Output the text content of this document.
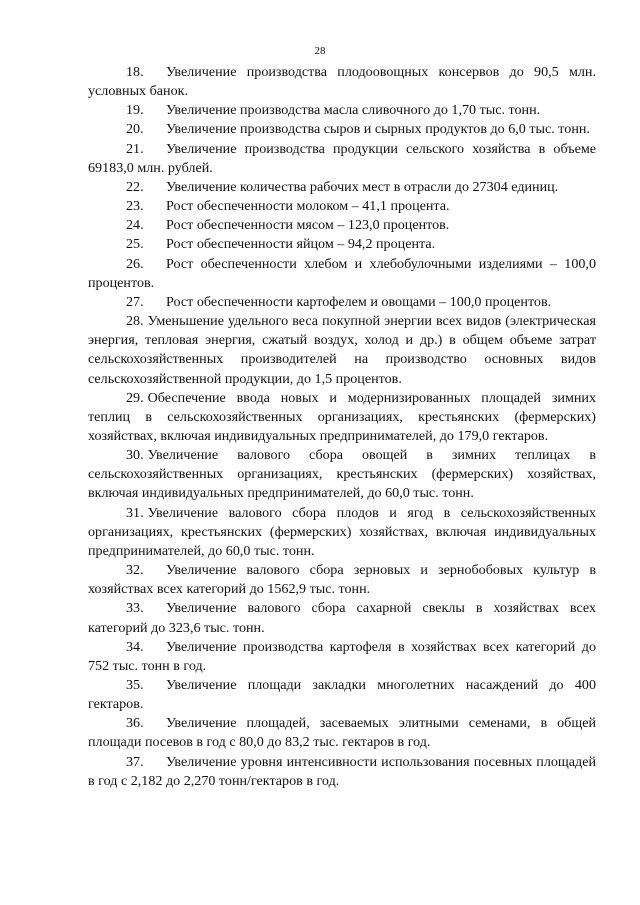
28

18. Увеличение производства плодоовощных консервов до 90,5 млн. условных банок.

19. Увеличение производства масла сливочного до 1,70 тыс. тонн.

20. Увеличение производства сыров и сырных продуктов до 6,0 тыс. тонн.

21. Увеличение производства продукции сельского хозяйства в объеме 69183,0 млн. рублей.

22. Увеличение количества рабочих мест в отрасли до 27304 единиц.

23. Рост обеспеченности молоком – 41,1 процента.

24. Рост обеспеченности мясом – 123,0 процентов.

25. Рост обеспеченности яйцом – 94,2 процента.

26. Рост обеспеченности хлебом и хлебобулочными изделиями – 100,0 процентов.

27. Рост обеспеченности картофелем и овощами – 100,0 процентов.

28. Уменьшение удельного веса покупной энергии всех видов (электрическая энергия, тепловая энергия, сжатый воздух, холод и др.) в общем объеме затрат сельскохозяйственных производителей на производство основных видов сельскохозяйственной продукции, до 1,5 процентов.

29. Обеспечение ввода новых и модернизированных площадей зимних теплиц в сельскохозяйственных организациях, крестьянских (фермерских) хозяйствах, включая индивидуальных предпринимателей, до 179,0 гектаров.

30. Увеличение валового сбора овощей в зимних теплицах в сельскохозяйственных организациях, крестьянских (фермерских) хозяйствах, включая индивидуальных предпринимателей, до 60,0 тыс. тонн.

31. Увеличение валового сбора плодов и ягод в сельскохозяйственных организациях, крестьянских (фермерских) хозяйствах, включая индивидуальных предпринимателей, до 60,0 тыс. тонн.

32. Увеличение валового сбора зерновых и зернобобовых культур в хозяйствах всех категорий до 1562,9 тыс. тонн.

33. Увеличение валового сбора сахарной свеклы в хозяйствах всех категорий до 323,6 тыс. тонн.

34. Увеличение производства картофеля в хозяйствах всех категорий до 752 тыс. тонн в год.

35. Увеличение площади закладки многолетних насаждений до 400 гектаров.

36. Увеличение площадей, засеваемых элитными семенами, в общей площади посевов в год с 80,0 до 83,2 тыс. гектаров в год.

37. Увеличение уровня интенсивности использования посевных площадей в год с 2,182 до 2,270 тонн/гектаров в год.
